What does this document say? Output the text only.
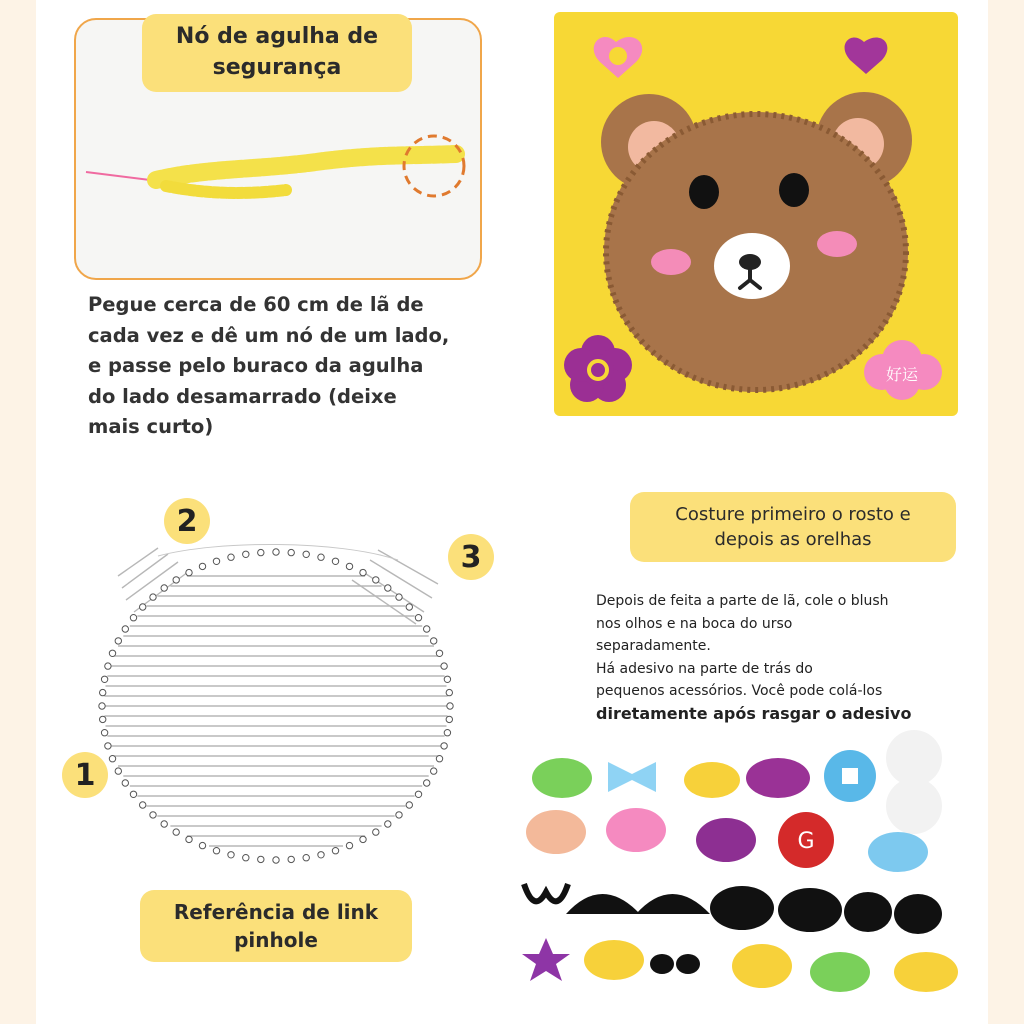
Nó de agulha de
segurança
Pegue cerca de 60 cm de lã de
cada vez e dê um nó de um lado,
e passe pelo buraco da agulha
do lado desamarrado (deixe
mais curto)
好运
1
2
3
Referência de link
pinhole
Costure primeiro o rosto e
depois as orelhas
Depois de feita a parte de lã, cole o blush
nos olhos e na boca do urso
separadamente.
Há adesivo na parte de trás do
pequenos acessórios. Você pode colá-los
diretamente após rasgar o adesivo
G
